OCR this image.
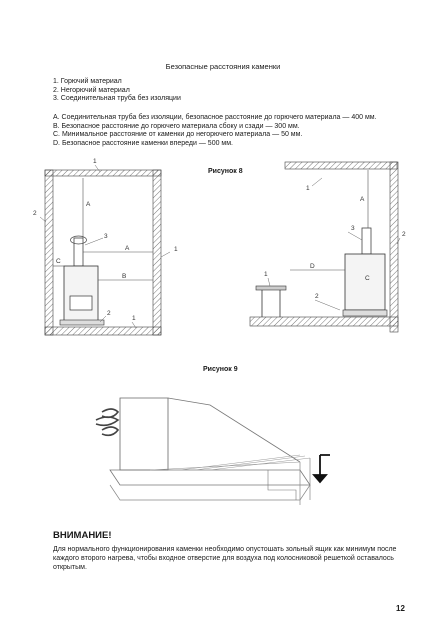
Безопасные расстояния каменки
1. Горючий материал
2. Негорючий материал
3. Соединительная труба без изоляции
A. Соединительная труба без изоляции, безопасное расстояние до горючего материала — 400 мм.
B. Безопасное расстояние до горючего материала сбоку и сзади — 300 мм.
C. Минимальное расстояние от каменки до негорючего материала — 50 мм.
D. Безопасное расстояние каменки впереди — 500 мм.
Рисунок 8
A
A
B
C
1
2
3
1
2
1
A
D
C
1
3
2
1
2
Рисунок 9
ВНИМАНИЕ!
Для нормального функционирования каменки необходимо опустошать зольный ящик как минимум после каждого второго нагрева, чтобы входное отверстие для воздуха под колосниковой решеткой оставалось открытым.
12
